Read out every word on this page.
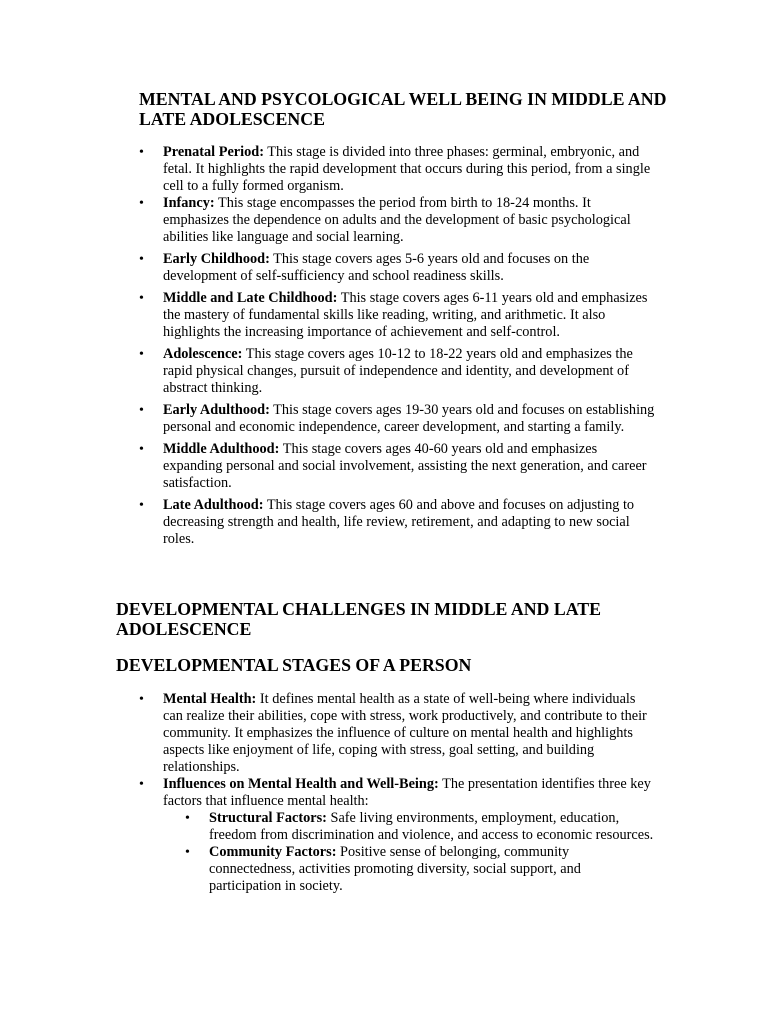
MENTAL AND PSYCOLOGICAL WELL BEING IN MIDDLE AND LATE ADOLESCENCE
• Prenatal Period: This stage is divided into three phases: germinal, embryonic, and fetal. It highlights the rapid development that occurs during this period, from a single cell to a fully formed organism.
• Infancy: This stage encompasses the period from birth to 18-24 months. It emphasizes the dependence on adults and the development of basic psychological abilities like language and social learning.
• Early Childhood: This stage covers ages 5-6 years old and focuses on the development of self-sufficiency and school readiness skills.
• Middle and Late Childhood: This stage covers ages 6-11 years old and emphasizes the mastery of fundamental skills like reading, writing, and arithmetic. It also highlights the increasing importance of achievement and self-control.
• Adolescence: This stage covers ages 10-12 to 18-22 years old and emphasizes the rapid physical changes, pursuit of independence and identity, and development of abstract thinking.
• Early Adulthood: This stage covers ages 19-30 years old and focuses on establishing personal and economic independence, career development, and starting a family.
• Middle Adulthood: This stage covers ages 40-60 years old and emphasizes expanding personal and social involvement, assisting the next generation, and career satisfaction.
• Late Adulthood: This stage covers ages 60 and above and focuses on adjusting to decreasing strength and health, life review, retirement, and adapting to new social roles.
DEVELOPMENTAL CHALLENGES IN MIDDLE AND LATE ADOLESCENCE
DEVELOPMENTAL STAGES OF A PERSON
• Mental Health: It defines mental health as a state of well-being where individuals can realize their abilities, cope with stress, work productively, and contribute to their community. It emphasizes the influence of culture on mental health and highlights aspects like enjoyment of life, coping with stress, goal setting, and building relationships.
• Influences on Mental Health and Well-Being: The presentation identifies three key factors that influence mental health:
• Structural Factors: Safe living environments, employment, education, freedom from discrimination and violence, and access to economic resources.
• Community Factors: Positive sense of belonging, community connectedness, activities promoting diversity, social support, and participation in society.
